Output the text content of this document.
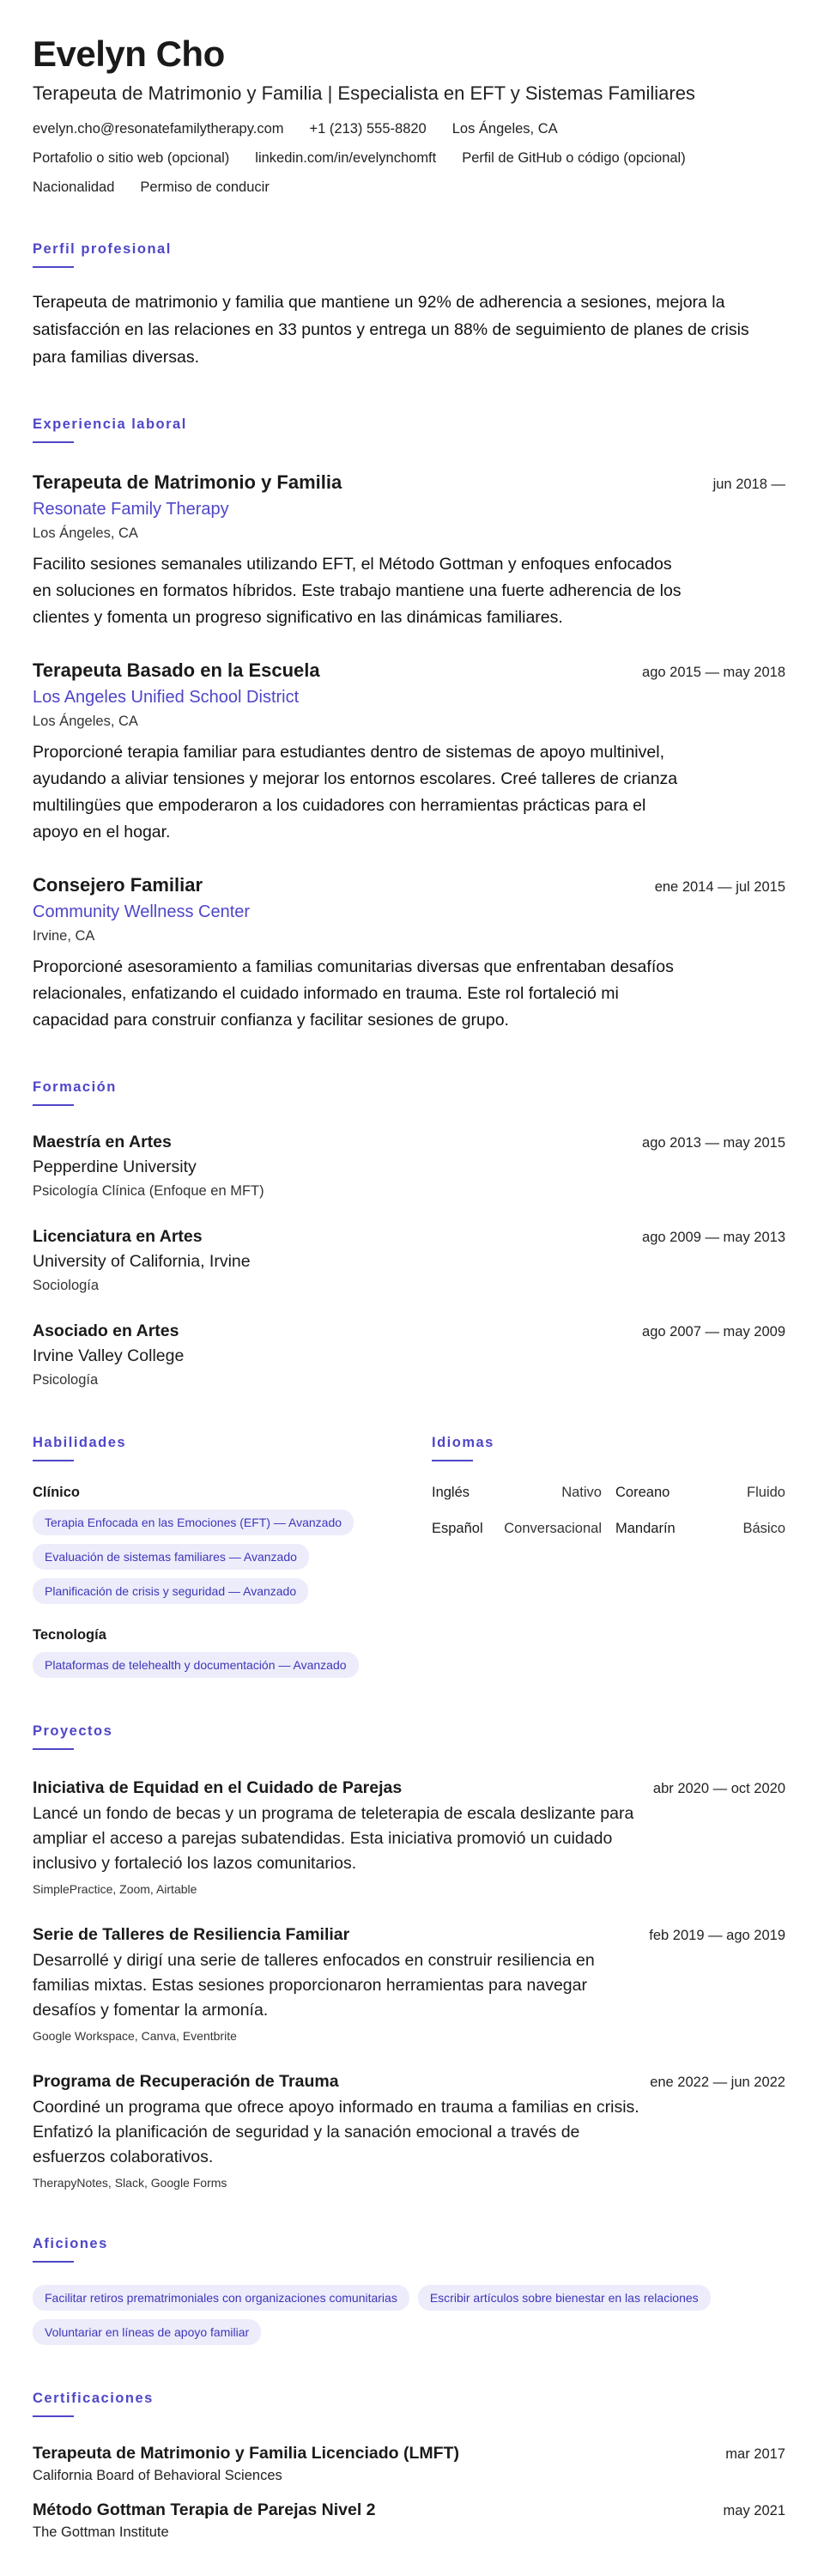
Evelyn Cho
Terapeuta de Matrimonio y Familia | Especialista en EFT y Sistemas Familiares
evelyn.cho@resonatefamilytherapy.com +1 (213) 555-8820 Los Ángeles, CA
Portafolio o sitio web (opcional) linkedin.com/in/evelynchomft Perfil de GitHub o código (opcional)
Nacionalidad Permiso de conducir
Perfil profesional

Terapeuta de matrimonio y familia que mantiene un 92% de adherencia a sesiones, mejora la satisfacción en las relaciones en 33 puntos y entrega un 88% de seguimiento de planes de crisis para familias diversas.

Experiencia laboral
Terapeuta de Matrimonio y Familia	jun 2018 —
Resonate Family Therapy
Los Ángeles, CA

Facilito sesiones semanales utilizando EFT, el Método Gottman y enfoques enfocados en soluciones en formatos híbridos. Este trabajo mantiene una fuerte adherencia de los clientes y fomenta un progreso significativo en las dinámicas familiares.

Terapeuta Basado en la Escuela	ago 2015 — may 2018
Los Angeles Unified School District
Los Ángeles, CA

Proporcioné terapia familiar para estudiantes dentro de sistemas de apoyo multinivel, ayudando a aliviar tensiones y mejorar los entornos escolares. Creé talleres de crianza multilingües que empoderaron a los cuidadores con herramientas prácticas para el apoyo en el hogar.

Consejero Familiar	ene 2014 — jul 2015
Community Wellness Center
Irvine, CA

Proporcioné asesoramiento a familias comunitarias diversas que enfrentaban desafíos relacionales, enfatizando el cuidado informado en trauma. Este rol fortaleció mi capacidad para construir confianza y facilitar sesiones de grupo.

Formación
Maestría en Artes	ago 2013 — may 2015
Pepperdine University
Psicología Clínica (Enfoque en MFT)
Licenciatura en Artes	ago 2009 — may 2013
University of California, Irvine
Sociología
Asociado en Artes	ago 2007 — may 2009
Irvine Valley College
Psicología
Habilidades
Clínico
Terapia Enfocada en las Emociones (EFT) — Avanzado
Evaluación de sistemas familiares — Avanzado
Planificación de crisis y seguridad — Avanzado
Tecnología
Plataformas de telehealth y documentación — Avanzado
Idiomas
Inglés	Nativo Coreano	Fluido
Español Conversacional Mandarín	Básico
Proyectos
Iniciativa de Equidad en el Cuidado de Parejas	abr 2020 — oct 2020

Lancé un fondo de becas y un programa de teleterapia de escala deslizante para ampliar el acceso a parejas subatendidas. Esta iniciativa promovió un cuidado inclusivo y fortaleció los lazos comunitarios.

SimplePractice, Zoom, Airtable
Serie de Talleres de Resiliencia Familiar	feb 2019 — ago 2019

Desarrollé y dirigí una serie de talleres enfocados en construir resiliencia en familias mixtas. Estas sesiones proporcionaron herramientas para navegar desafíos y fomentar la armonía.

Google Workspace, Canva, Eventbrite
Programa de Recuperación de Trauma	ene 2022 — jun 2022

Coordiné un programa que ofrece apoyo informado en trauma a familias en crisis. Enfatizó la planificación de seguridad y la sanación emocional a través de esfuerzos colaborativos.

TherapyNotes, Slack, Google Forms
Aficiones
Facilitar retiros prematrimoniales con organizaciones comunitarias	Escribir artículos sobre bienestar en las relaciones
Voluntariar en líneas de apoyo familiar
Certificaciones
Terapeuta de Matrimonio y Familia Licenciado (LMFT)	mar 2017
California Board of Behavioral Sciences
Método Gottman Terapia de Parejas Nivel 2	may 2021
The Gottman Institute
